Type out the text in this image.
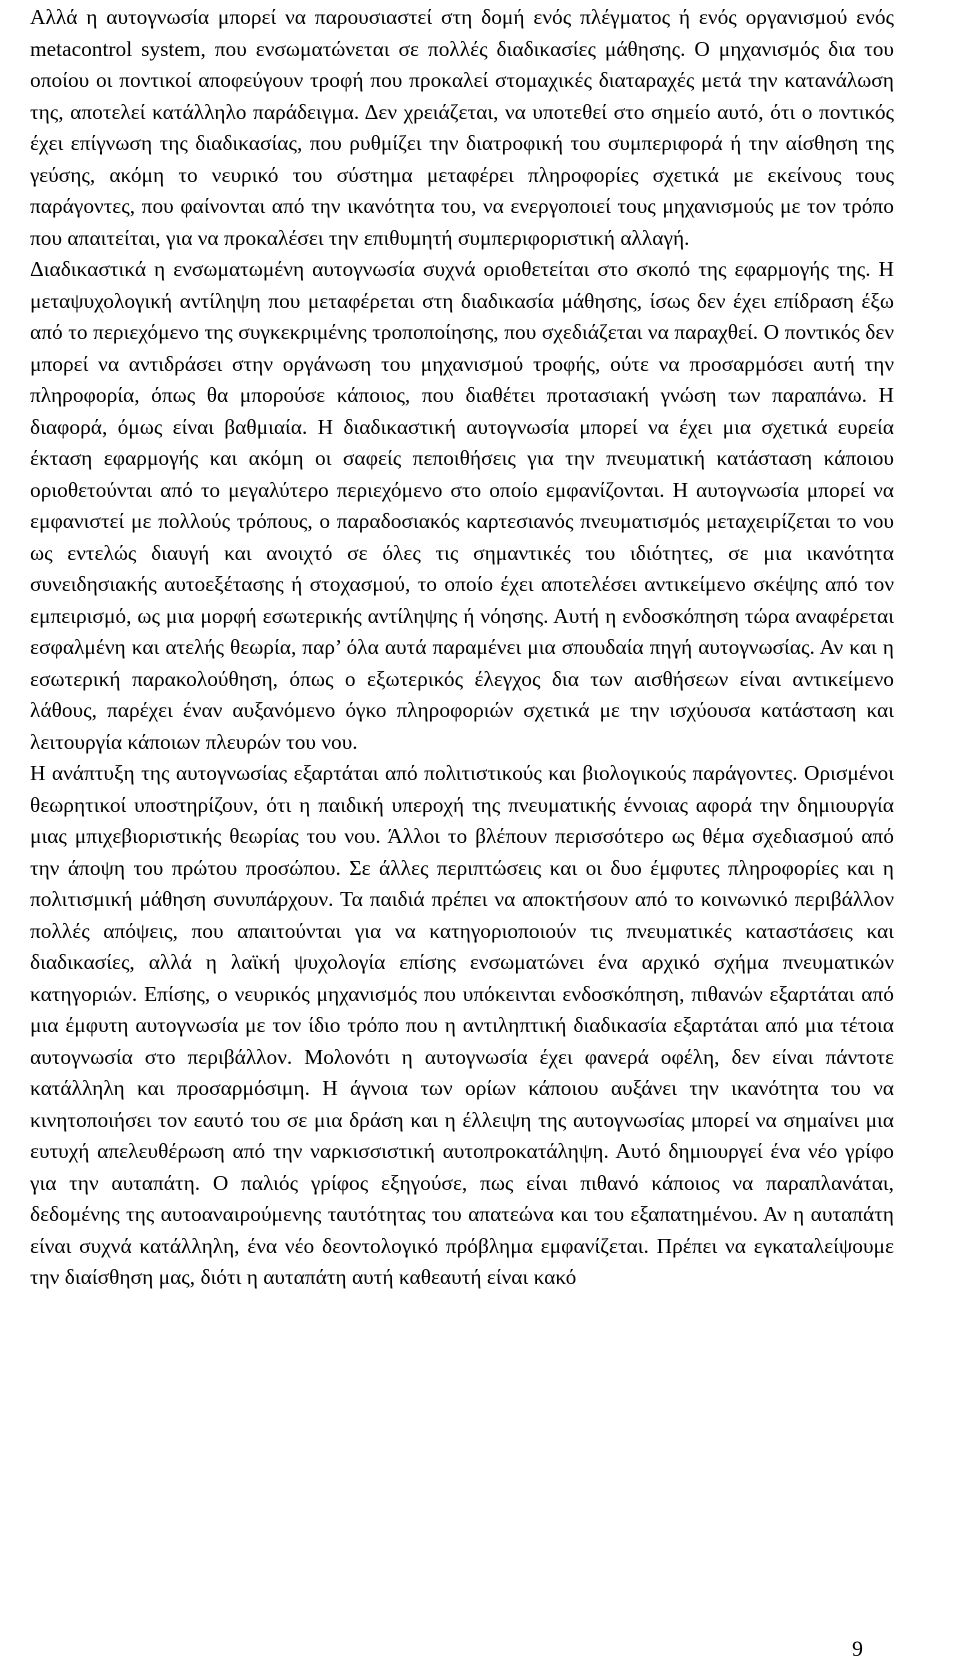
Αλλά η αυτογνωσία μπορεί να παρουσιαστεί στη δομή ενός πλέγματος ή ενός οργανισμού ενός metacontrol system, που ενσωματώνεται σε πολλές διαδικασίες μάθησης. Ο μηχανισμός δια του οποίου οι ποντικοί αποφεύγουν τροφή που προκαλεί στομαχικές διαταραχές μετά την κατανάλωση της, αποτελεί κατάλληλο παράδειγμα. Δεν χρειάζεται, να υποτεθεί στο σημείο αυτό, ότι ο ποντικός έχει επίγνωση της διαδικασίας, που ρυθμίζει την διατροφική του συμπεριφορά ή την αίσθηση της γεύσης, ακόμη το νευρικό του σύστημα μεταφέρει πληροφορίες σχετικά με εκείνους τους παράγοντες, που φαίνονται από την ικανότητα του, να ενεργοποιεί τους μηχανισμούς με τον τρόπο που απαιτείται, για να προκαλέσει την επιθυμητή συμπεριφοριστική αλλαγή.

Διαδικαστικά η ενσωματωμένη αυτογνωσία συχνά οριοθετείται στο σκοπό της εφαρμογής της. Η μεταψυχολογική αντίληψη που μεταφέρεται στη διαδικασία μάθησης, ίσως δεν έχει επίδραση έξω από το περιεχόμενο της συγκεκριμένης τροποποίησης, που σχεδιάζεται να παραχθεί. Ο ποντικός δεν μπορεί να αντιδράσει στην οργάνωση του μηχανισμού τροφής, ούτε να προσαρμόσει αυτή την πληροφορία, όπως θα μπορούσε κάποιος, που διαθέτει προτασιακή γνώση των παραπάνω. Η διαφορά, όμως είναι βαθμιαία. Η διαδικαστική αυτογνωσία μπορεί να έχει μια σχετικά ευρεία έκταση εφαρμογής και ακόμη οι σαφείς πεποιθήσεις για την πνευματική κατάσταση κάποιου οριοθετούνται από το μεγαλύτερο περιεχόμενο στο οποίο εμφανίζονται. Η αυτογνωσία μπορεί να εμφανιστεί με πολλούς τρόπους, ο παραδοσιακός καρτεσιανός πνευματισμός μεταχειρίζεται το νου ως εντελώς διαυγή και ανοιχτό σε όλες τις σημαντικές του ιδιότητες, σε μια ικανότητα συνειδησιακής αυτοεξέτασης ή στοχασμού, το οποίο έχει αποτελέσει αντικείμενο σκέψης από τον εμπειρισμό, ως μια μορφή εσωτερικής αντίληψης ή νόησης. Αυτή η ενδοσκόπηση τώρα αναφέρεται εσφαλμένη και ατελής θεωρία, παρ’ όλα αυτά παραμένει μια σπουδαία πηγή αυτογνωσίας. Αν και η εσωτερική παρακολούθηση, όπως ο εξωτερικός έλεγχος δια των αισθήσεων είναι αντικείμενο λάθους, παρέχει έναν αυξανόμενο όγκο πληροφοριών σχετικά με την ισχύουσα κατάσταση και λειτουργία κάποιων πλευρών του νου.

Η ανάπτυξη της αυτογνωσίας εξαρτάται από πολιτιστικούς και βιολογικούς παράγοντες. Ορισμένοι θεωρητικοί υποστηρίζουν, ότι η παιδική υπεροχή της πνευματικής έννοιας αφορά την δημιουργία μιας μπιχεβιοριστικής θεωρίας του νου. Άλλοι το βλέπουν περισσότερο ως θέμα σχεδιασμού από την άποψη του πρώτου προσώπου. Σε άλλες περιπτώσεις και οι δυο έμφυτες πληροφορίες και η πολιτισμική μάθηση συνυπάρχουν. Τα παιδιά πρέπει να αποκτήσουν από το κοινωνικό περιβάλλον πολλές απόψεις, που απαιτούνται για να κατηγοριοποιούν τις πνευματικές καταστάσεις και διαδικασίες, αλλά η λαϊκή ψυχολογία επίσης ενσωματώνει ένα αρχικό σχήμα πνευματικών κατηγοριών. Επίσης, ο νευρικός μηχανισμός που υπόκεινται ενδοσκόπηση, πιθανών εξαρτάται από μια έμφυτη αυτογνωσία με τον ίδιο τρόπο που η αντιληπτική διαδικασία εξαρτάται από μια τέτοια αυτογνωσία στο περιβάλλον. Μολονότι η αυτογνωσία έχει φανερά οφέλη, δεν είναι πάντοτε κατάλληλη και προσαρμόσιμη. Η άγνοια των ορίων κάποιου αυξάνει την ικανότητα του να κινητοποιήσει τον εαυτό του σε μια δράση και η έλλειψη της αυτογνωσίας μπορεί να σημαίνει μια ευτυχή απελευθέρωση από την ναρκισσιστική αυτοπροκατάληψη. Αυτό δημιουργεί ένα νέο γρίφο για την αυταπάτη. Ο παλιός γρίφος εξηγούσε, πως είναι πιθανό κάποιος να παραπλανάται, δεδομένης της αυτοαναιρούμενης ταυτότητας του απατεώνα και του εξαπατημένου. Αν η αυταπάτη είναι συχνά κατάλληλη, ένα νέο δεοντολογικό πρόβλημα εμφανίζεται. Πρέπει να εγκαταλείψουμε την διαίσθηση μας, διότι η αυταπάτη αυτή καθεαυτή είναι κακό

9
